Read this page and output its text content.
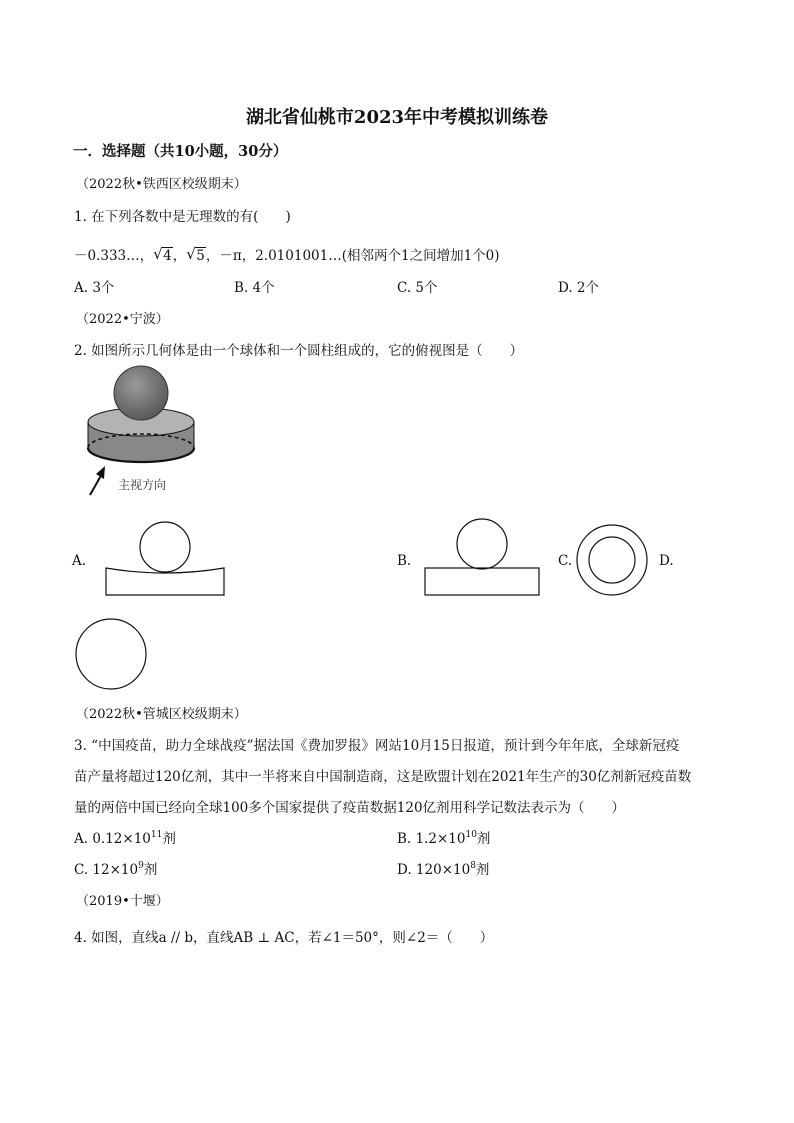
湖北省仙桃市2023年中考模拟训练卷
一．选择题（共10小题，30分）
（2022秋•铁西区校级期末）
1. 在下列各数中是无理数的有(　　)
－0.333…， √ 4， √ 5，－π，2.0101001…(相邻两个1之间增加1个0)
A. 3个	B. 4个	C. 5个	D. 2个
（2022•宁波）
2. 如图所示几何体是由一个球体和一个圆柱组成的，它的俯视图是（　　）
主视方向
A.	B.	C.	D.
（2022秋•管城区校级期末）
3. “中国疫苗，助力全球战疫”据法国《费加罗报》网站10月15日报道，预计到今年年底，全球新冠疫
苗产量将超过120亿剂，其中一半将来自中国制造商，这是欧盟计划在2021年生产的30亿剂新冠疫苗数
量的两倍中国已经向全球100多个国家提供了疫苗数据120亿剂用科学记数法表示为（　　）
A. $0.12\times 10^{11}$剂	B. $1.2\times 10^{10}$剂
C. $12\times 10^9$剂	D. $120\times 10^8$剂
（2019•十堰）
4. 如图，直线a // b，直线AB ⊥ AC，若∠1＝50°，则∠2＝（　　）
